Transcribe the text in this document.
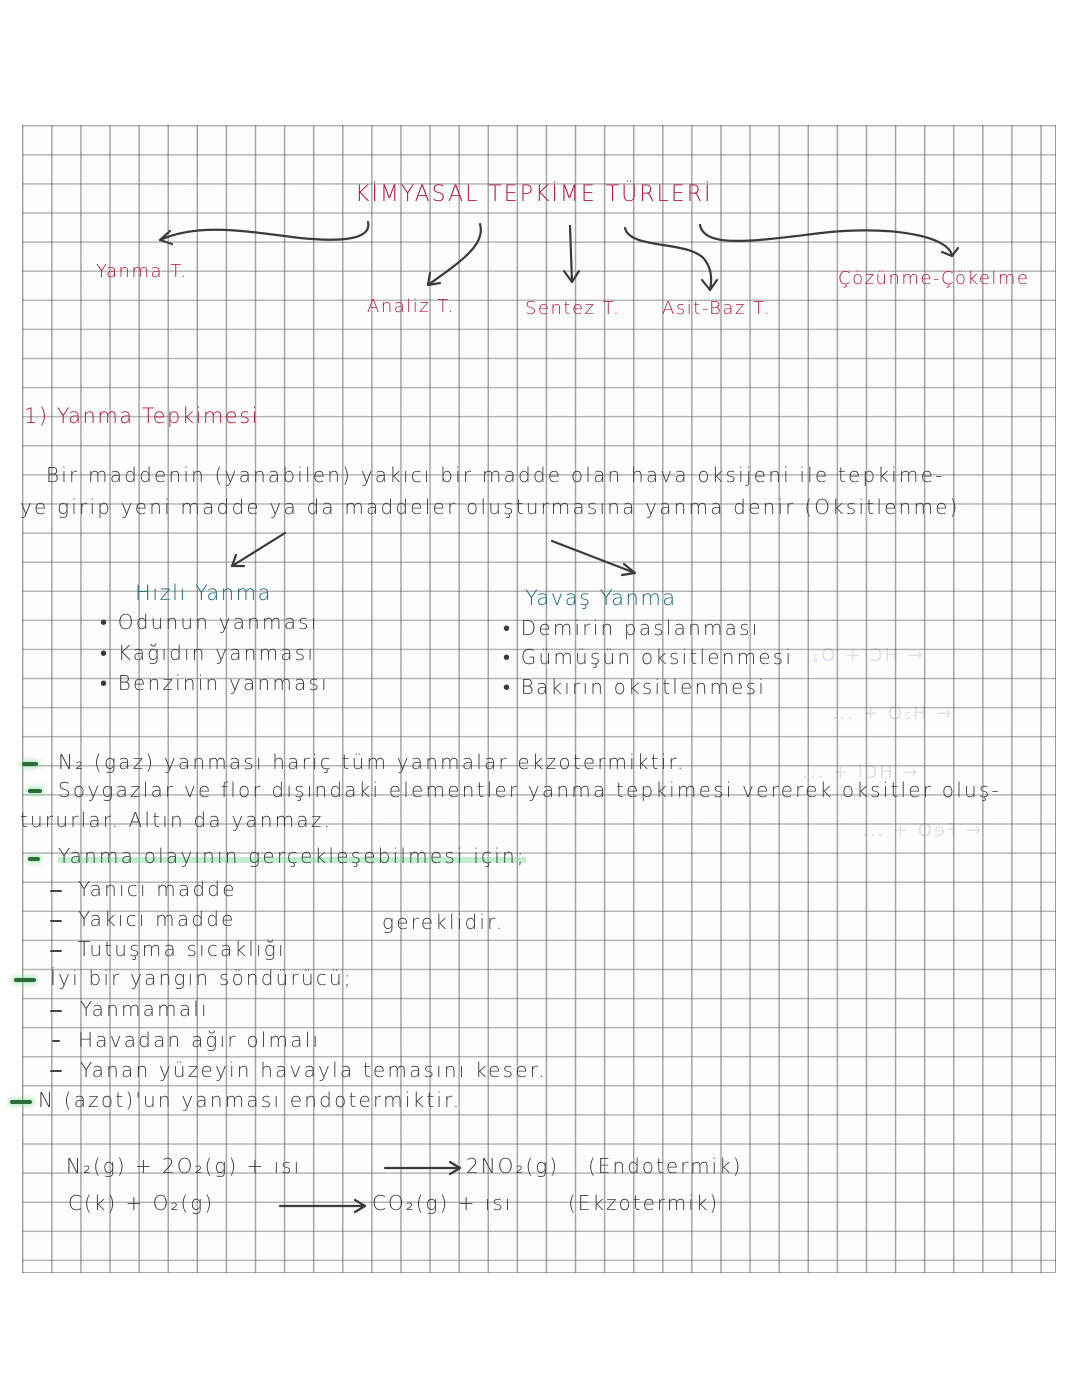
← HC + O₂
← H₂O + ...
← HCl + ...
← FeO + ...
KİMYASAL TEPKİME TÜRLERİ
Yanma T.
Analiz T.	Sentez T. Asit-Baz T.
Çözünme-Çökelme
1) Yanma Tepkimesi
Bir maddenin (yanabilen) yakıcı bir madde olan hava oksijeni ile tepkime-
ye girip yeni madde ya da maddeler oluşturmasına yanma denir (Oksitlenme)
Hızlı Yanma
• Odunun yanması
• Kağıdın yanması
• Benzinin yanması
Yavaş Yanma
• Demirin paslanması
• Gümüşün oksitlenmesi
• Bakırın oksitlenmesi
N₂ (gaz) yanması hariç tüm yanmalar ekzotermiktir.
Soygazlar ve flor dışındaki elementler yanma tepkimesi vererek oksitler oluş-
tururlar. Altın da yanmaz.
Yanma olayının gerçekleşebilmesi için;
Yanıcı madde
Yakıcı madde
Tutuşma sıcaklığı
gereklidir.
İyi bir yangın söndürücü;
Yanmamalı
Havadan ağır olmalı
Yanan yüzeyin havayla temasını keser.
N (azot)'un yanması endotermiktir.
N₂(g) + 2O₂(g) + ısı	2NO₂(g) (Endotermik)
C(k) + O₂(g)	CO₂(g) + ısı	(Ekzotermik)
